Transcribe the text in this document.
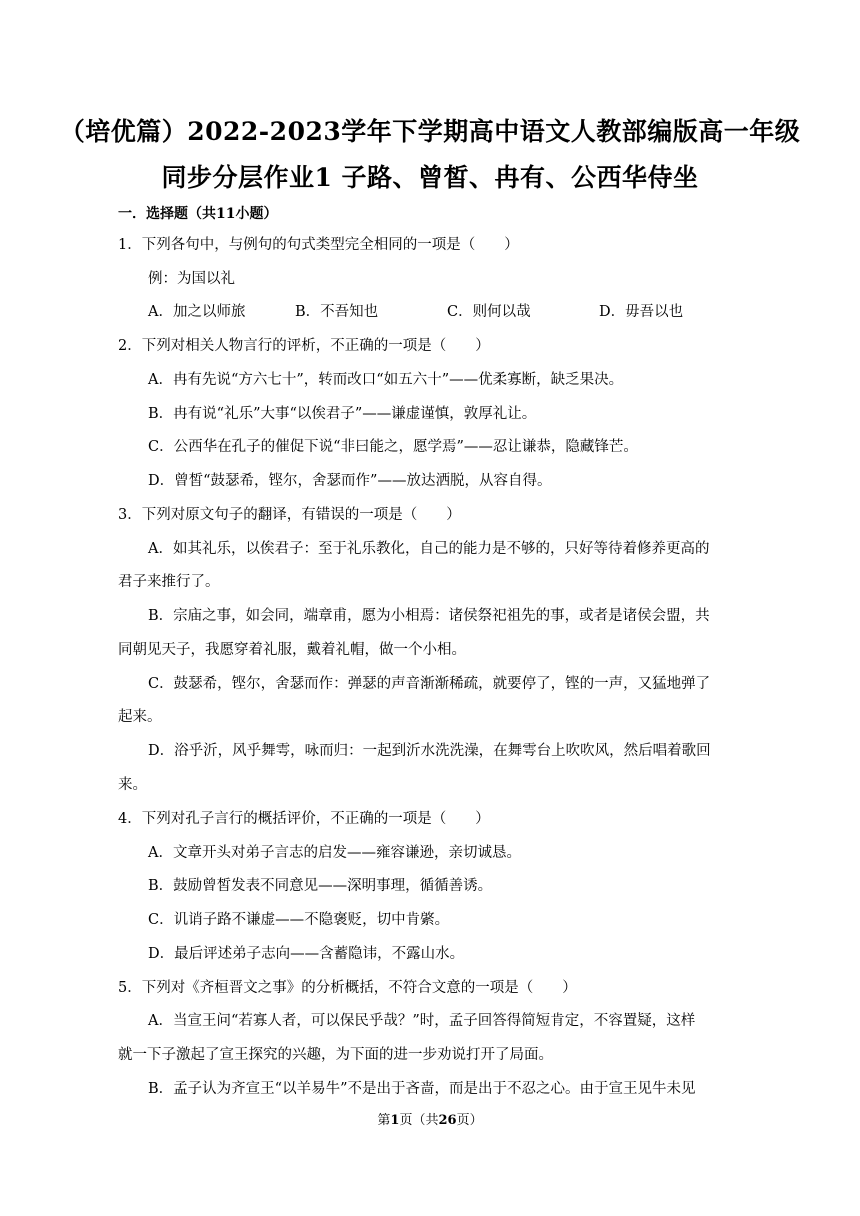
（培优篇）2022-2023学年下学期高中语文人教部编版高一年级
同步分层作业1 子路、曾皙、冉有、公西华侍坐
一．选择题（共11小题）
1．下列各句中，与例句的句式类型完全相同的一项是（　　）
例：为国以礼
A．加之以师旅	B．不吾知也	C．则何以哉	D．毋吾以也
2．下列对相关人物言行的评析，不正确的一项是（　　）
A．冉有先说“方六七十”，转而改口“如五六十”——优柔寡断，缺乏果决。
B．冉有说“礼乐”大事“以俟君子”——谦虚谨慎，敦厚礼让。
C．公西华在孔子的催促下说“非曰能之，愿学焉”——忍让谦恭，隐藏锋芒。
D．曾皙“鼓瑟希，铿尔，舍瑟而作”——放达洒脱，从容自得。
3．下列对原文句子的翻译，有错误的一项是（　　）
A．如其礼乐，以俟君子：至于礼乐教化，自己的能力是不够的，只好等待着修养更高的
君子来推行了。
B．宗庙之事，如会同，端章甫，愿为小相焉：诸侯祭祀祖先的事，或者是诸侯会盟，共
同朝见天子，我愿穿着礼服，戴着礼帽，做一个小相。
C．鼓瑟希，铿尔，舍瑟而作：弹瑟的声音渐渐稀疏，就要停了，铿的一声，又猛地弹了
起来。
D．浴乎沂，风乎舞雩，咏而归：一起到沂水洗洗澡，在舞雩台上吹吹风，然后唱着歌回
来。
4．下列对孔子言行的概括评价，不正确的一项是（　　）
A．文章开头对弟子言志的启发——雍容谦逊，亲切诚恳。
B．鼓励曾皙发表不同意见——深明事理，循循善诱。
C．讥诮子路不谦虚——不隐褒贬，切中肯綮。
D．最后评述弟子志向——含蓄隐讳，不露山水。
5．下列对《齐桓晋文之事》的分析概括，不符合文意的一项是（　　）
A．当宣王问“若寡人者，可以保民乎哉？”时，孟子回答得简短肯定，不容置疑，这样
就一下子激起了宣王探究的兴趣，为下面的进一步劝说打开了局面。
B．孟子认为齐宣王“以羊易牛”不是出于吝啬，而是出于不忍之心。由于宣王见牛未见
第1页（共26页）
